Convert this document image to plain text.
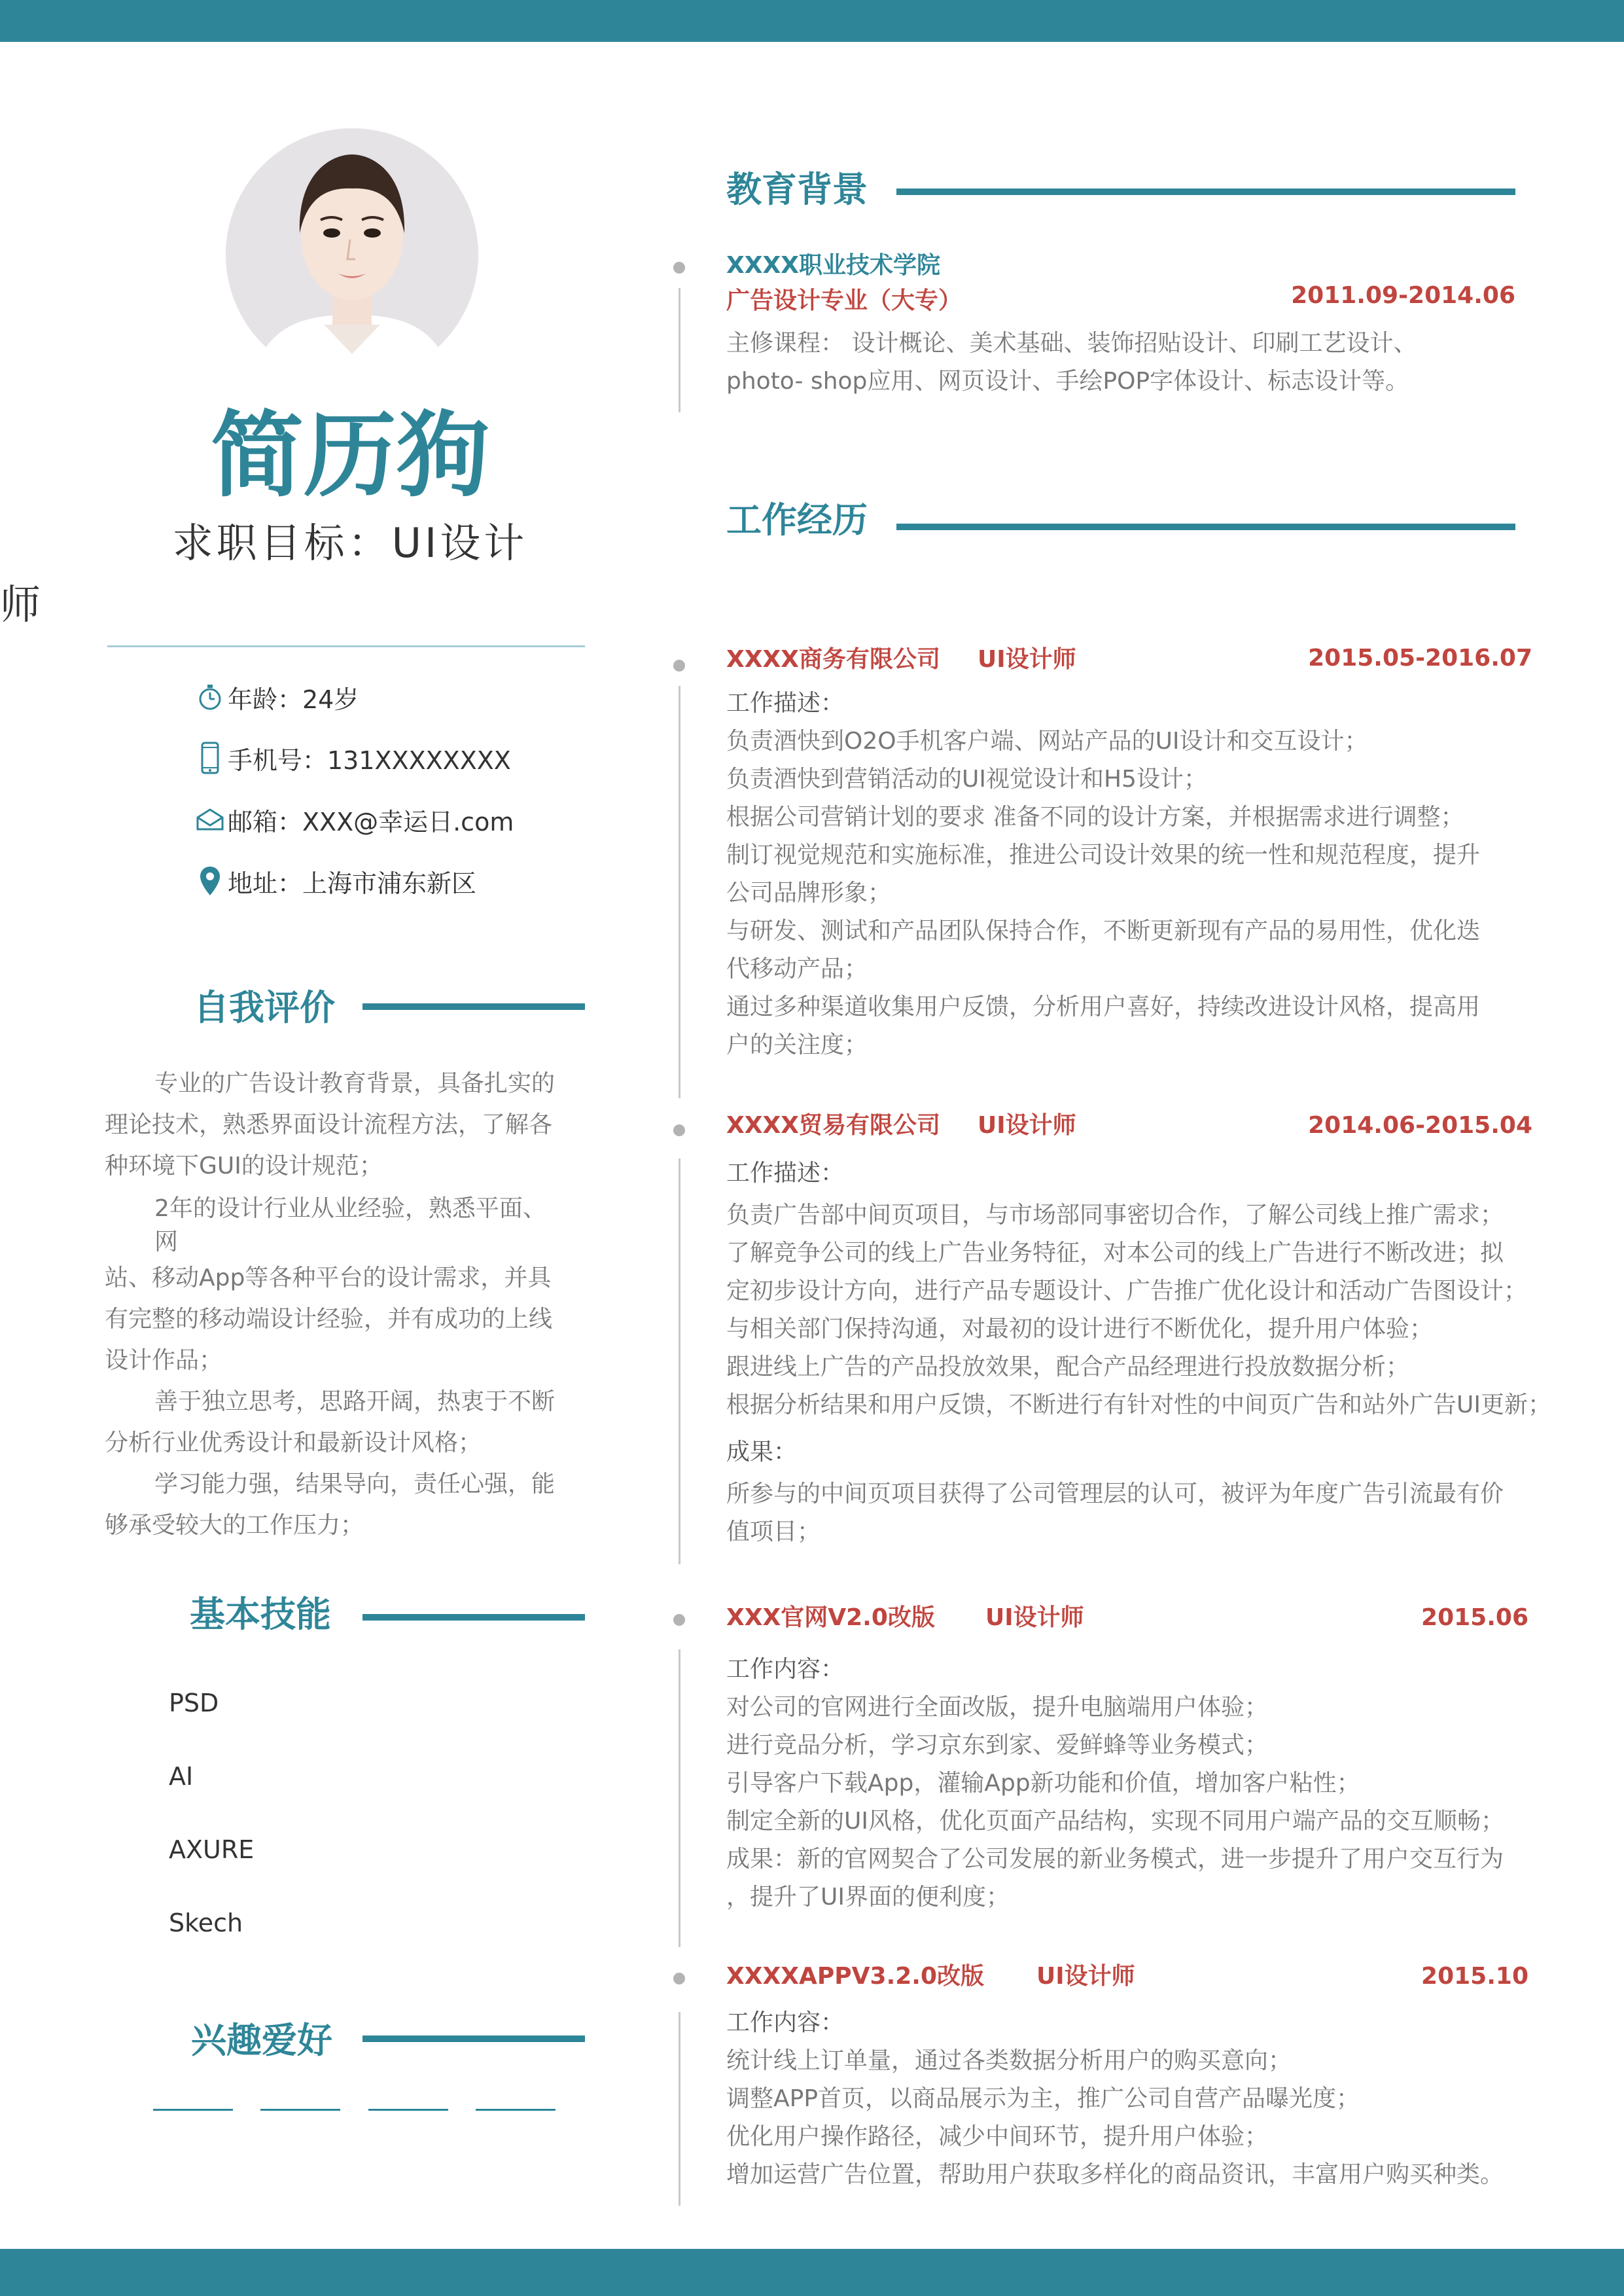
简历狗
求职目标：UI设计
师
年龄：24岁
手机号：131XXXXXXXX
邮箱：XXX@幸运日.com
地址：上海市浦东新区
自我评价

专业的广告设计教育背景，具备扎实的

理论技术，熟悉界面设计流程方法，了解各

种环境下GUI的设计规范；

2年的设计行业从业经验，熟悉平面、

网

站、移动App等各种平台的设计需求，并具

有完整的移动端设计经验，并有成功的上线

设计作品；

善于独立思考，思路开阔，热衷于不断

分析行业优秀设计和最新设计风格；

学习能力强，结果导向，责任心强，能

够承受较大的工作压力；

基本技能
PSD
AI
AXURE
Skech
兴趣爱好
教育背景
XXXX职业技术学院
广告设计专业（大专）	2011.09-2014.06

主修课程： 设计概论、美术基础、装饰招贴设计、印刷工艺设计、

photo- shop应用、网页设计、手绘POP字体设计、标志设计等。

工作经历
XXXX商务有限公司 UI设计师	2015.05-2016.07

工作描述：

负责酒快到O2O手机客户端、网站产品的UI设计和交互设计；

负责酒快到营销活动的UI视觉设计和H5设计；

根据公司营销计划的要求 准备不同的设计方案，并根据需求进行调整；

制订视觉规范和实施标准，推进公司设计效果的统一性和规范程度，提升

公司品牌形象；

与研发、测试和产品团队保持合作，不断更新现有产品的易用性，优化迭

代移动产品；

通过多种渠道收集用户反馈，分析用户喜好，持续改进设计风格，提高用

户的关注度；

XXXX贸易有限公司 UI设计师	2014.06-2015.04

工作描述：

负责广告部中间页项目，与市场部同事密切合作，了解公司线上推广需求；

了解竞争公司的线上广告业务特征，对本公司的线上广告进行不断改进；拟

定初步设计方向，进行产品专题设计、广告推广优化设计和活动广告图设计；

与相关部门保持沟通，对最初的设计进行不断优化，提升用户体验；

跟进线上广告的产品投放效果，配合产品经理进行投放数据分析；

根据分析结果和用户反馈，不断进行有针对性的中间页广告和站外广告UI更新；

成果：

所参与的中间页项目获得了公司管理层的认可，被评为年度广告引流最有价

值项目；

XXX官网V2.0改版 UI设计师	2015.06

工作内容：

对公司的官网进行全面改版，提升电脑端用户体验；

进行竞品分析，学习京东到家、爱鲜蜂等业务模式；

引导客户下载App，灌输App新功能和价值，增加客户粘性；

制定全新的UI风格，优化页面产品结构，实现不同用户端产品的交互顺畅；

成果：新的官网契合了公司发展的新业务模式，进一步提升了用户交互行为

，提升了UI界面的便利度；

XXXXAPPV3.2.0改版 UI设计师	2015.10

工作内容：

统计线上订单量，通过各类数据分析用户的购买意向；

调整APP首页，以商品展示为主，推广公司自营产品曝光度；

优化用户操作路径，减少中间环节，提升用户体验；

增加运营广告位置，帮助用户获取多样化的商品资讯，丰富用户购买种类。
